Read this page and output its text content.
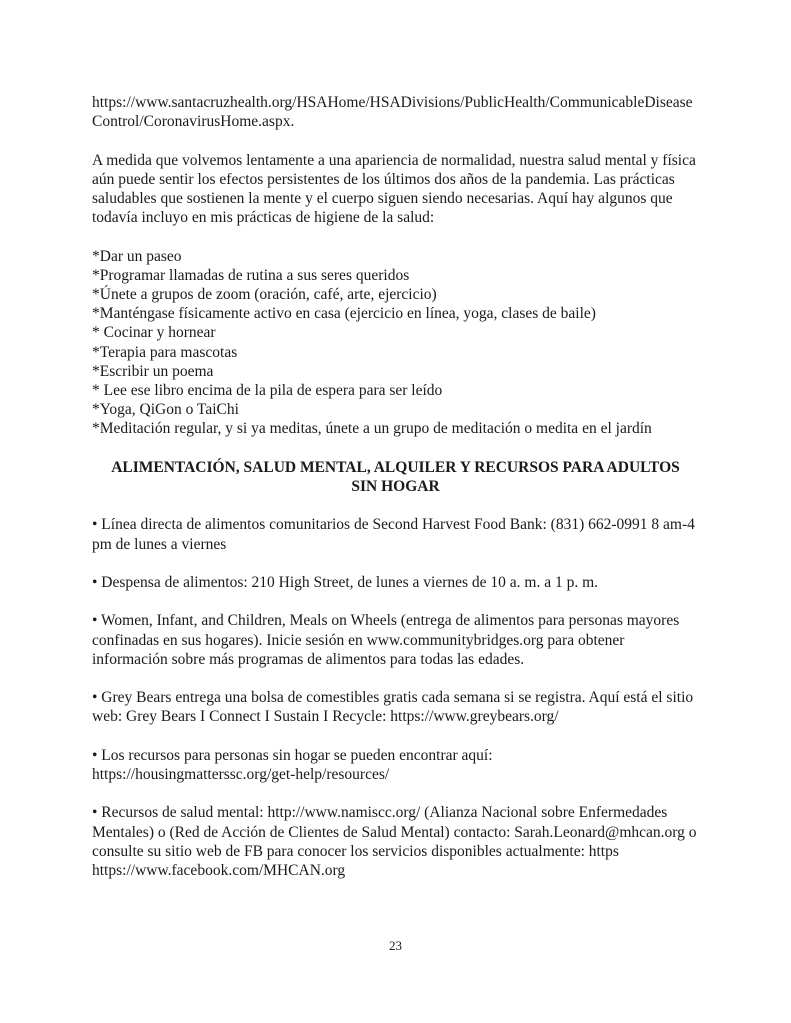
https://www.santacruzhealth.org/HSAHome/HSADivisions/PublicHealth/CommunicableDisease
Control/CoronavirusHome.aspx.

A medida que volvemos lentamente a una apariencia de normalidad, nuestra salud mental y física aún puede sentir los efectos persistentes de los últimos dos años de la pandemia. Las prácticas saludables que sostienen la mente y el cuerpo siguen siendo necesarias. Aquí hay algunos que todavía incluyo en mis prácticas de higiene de la salud:

*Dar un paseo
*Programar llamadas de rutina a sus seres queridos
*Únete a grupos de zoom (oración, café, arte, ejercicio)
*Manténgase físicamente activo en casa (ejercicio en línea, yoga, clases de baile)
* Cocinar y hornear
*Terapia para mascotas
*Escribir un poema
* Lee ese libro encima de la pila de espera para ser leído
*Yoga, QiGon o TaiChi
*Meditación regular, y si ya meditas, únete a un grupo de meditación o medita en el jardín
ALIMENTACIÓN, SALUD MENTAL, ALQUILER Y RECURSOS PARA ADULTOS
SIN HOGAR

• Línea directa de alimentos comunitarios de Second Harvest Food Bank: (831) 662-0991 8 am-4 pm de lunes a viernes

• Despensa de alimentos: 210 High Street, de lunes a viernes de 10 a. m. a 1 p. m.

• Women, Infant, and Children, Meals on Wheels (entrega de alimentos para personas mayores confinadas en sus hogares). Inicie sesión en www.communitybridges.org para obtener información sobre más programas de alimentos para todas las edades.

• Grey Bears entrega una bolsa de comestibles gratis cada semana si se registra. Aquí está el sitio web: Grey Bears I Connect I Sustain I Recycle: https://www.greybears.org/

• Los recursos para personas sin hogar se pueden encontrar aquí: https://housingmatterssc.org/get-help/resources/

• Recursos de salud mental: http://www.namiscc.org/ (Alianza Nacional sobre Enfermedades Mentales) o (Red de Acción de Clientes de Salud Mental) contacto: Sarah.Leonard@mhcan.org o consulte su sitio web de FB para conocer los servicios disponibles actualmente: https https://www.facebook.com/MHCAN.org

23
